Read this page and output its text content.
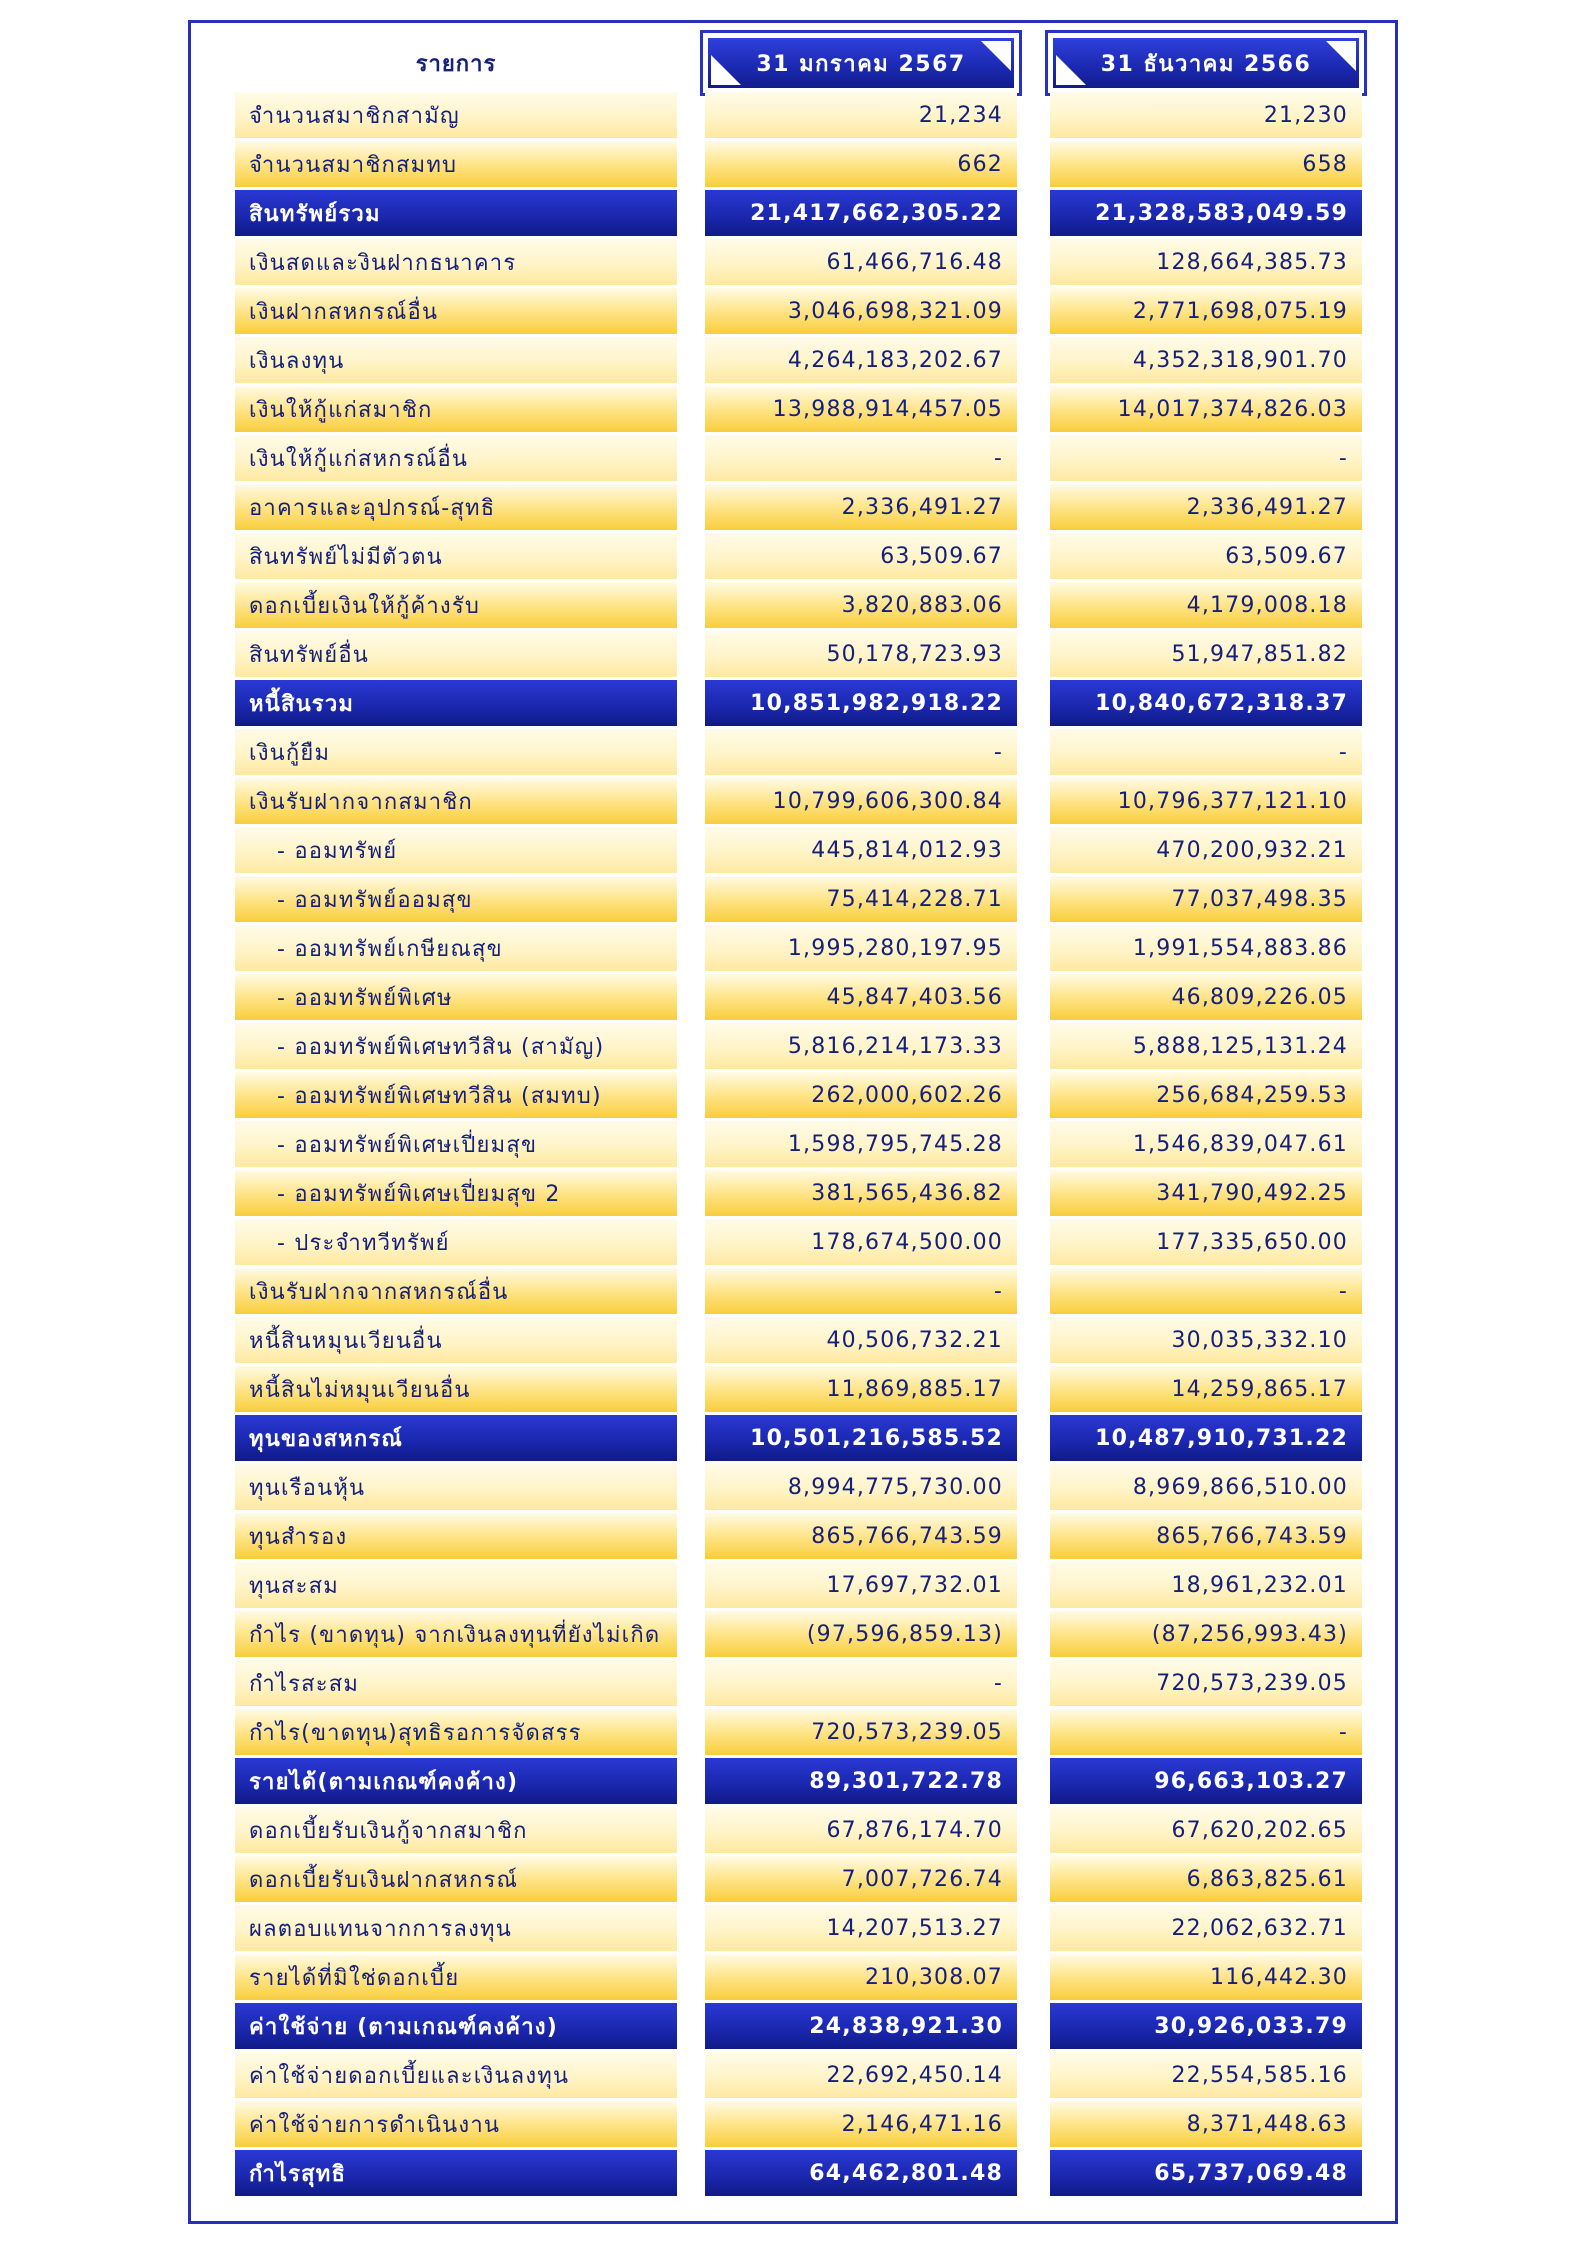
รายการ	31 มกราคม 2567	31 ธันวาคม 2566
จำนวนสมาชิกสามัญ	21,234	21,230
จำนวนสมาชิกสมทบ	662	658
สินทรัพย์รวม	21,417,662,305.22	21,328,583,049.59
เงินสดและงินฝากธนาคาร	61,466,716.48	128,664,385.73
เงินฝากสหกรณ์อื่น	3,046,698,321.09	2,771,698,075.19
เงินลงทุน	4,264,183,202.67	4,352,318,901.70
เงินให้กู้แก่สมาชิก	13,988,914,457.05	14,017,374,826.03
เงินให้กู้แก่สหกรณ์อื่น	-	-
อาคารและอุปกรณ์-สุทธิ	2,336,491.27	2,336,491.27
สินทรัพย์ไม่มีตัวตน	63,509.67	63,509.67
ดอกเบี้ยเงินให้กู้ค้างรับ	3,820,883.06	4,179,008.18
สินทรัพย์อื่น	50,178,723.93	51,947,851.82
หนี้สินรวม	10,851,982,918.22	10,840,672,318.37
เงินกู้ยืม	-	-
เงินรับฝากจากสมาชิก	10,799,606,300.84	10,796,377,121.10
- ออมทรัพย์	445,814,012.93	470,200,932.21
- ออมทรัพย์ออมสุข	75,414,228.71	77,037,498.35
- ออมทรัพย์เกษียณสุข	1,995,280,197.95	1,991,554,883.86
- ออมทรัพย์พิเศษ	45,847,403.56	46,809,226.05
- ออมทรัพย์พิเศษทวีสิน (สามัญ)	5,816,214,173.33	5,888,125,131.24
- ออมทรัพย์พิเศษทวีสิน (สมทบ)	262,000,602.26	256,684,259.53
- ออมทรัพย์พิเศษเปี่ยมสุข	1,598,795,745.28	1,546,839,047.61
- ออมทรัพย์พิเศษเปี่ยมสุข 2	381,565,436.82	341,790,492.25
- ประจำทวีทรัพย์	178,674,500.00	177,335,650.00
เงินรับฝากจากสหกรณ์อื่น	-	-
หนี้สินหมุนเวียนอื่น	40,506,732.21	30,035,332.10
หนี้สินไม่หมุนเวียนอื่น	11,869,885.17	14,259,865.17
ทุนของสหกรณ์	10,501,216,585.52	10,487,910,731.22
ทุนเรือนหุ้น	8,994,775,730.00	8,969,866,510.00
ทุนสำรอง	865,766,743.59	865,766,743.59
ทุนสะสม	17,697,732.01	18,961,232.01
กำไร (ขาดทุน) จากเงินลงทุนที่ยังไม่เกิด	(97,596,859.13)	(87,256,993.43)
กำไรสะสม	-	720,573,239.05
กำไร(ขาดทุน)สุทธิรอการจัดสรร	720,573,239.05	-
รายได้(ตามเกณฑ์คงค้าง)	89,301,722.78	96,663,103.27
ดอกเบี้ยรับเงินกู้จากสมาชิก	67,876,174.70	67,620,202.65
ดอกเบี้ยรับเงินฝากสหกรณ์	7,007,726.74	6,863,825.61
ผลตอบแทนจากการลงทุน	14,207,513.27	22,062,632.71
รายได้ที่มิใช่ดอกเบี้ย	210,308.07	116,442.30
ค่าใช้จ่าย (ตามเกณฑ์คงค้าง)	24,838,921.30	30,926,033.79
ค่าใช้จ่ายดอกเบี้ยและเงินลงทุน	22,692,450.14	22,554,585.16
ค่าใช้จ่ายการดำเนินงาน	2,146,471.16	8,371,448.63
กำไรสุทธิ	64,462,801.48	65,737,069.48
